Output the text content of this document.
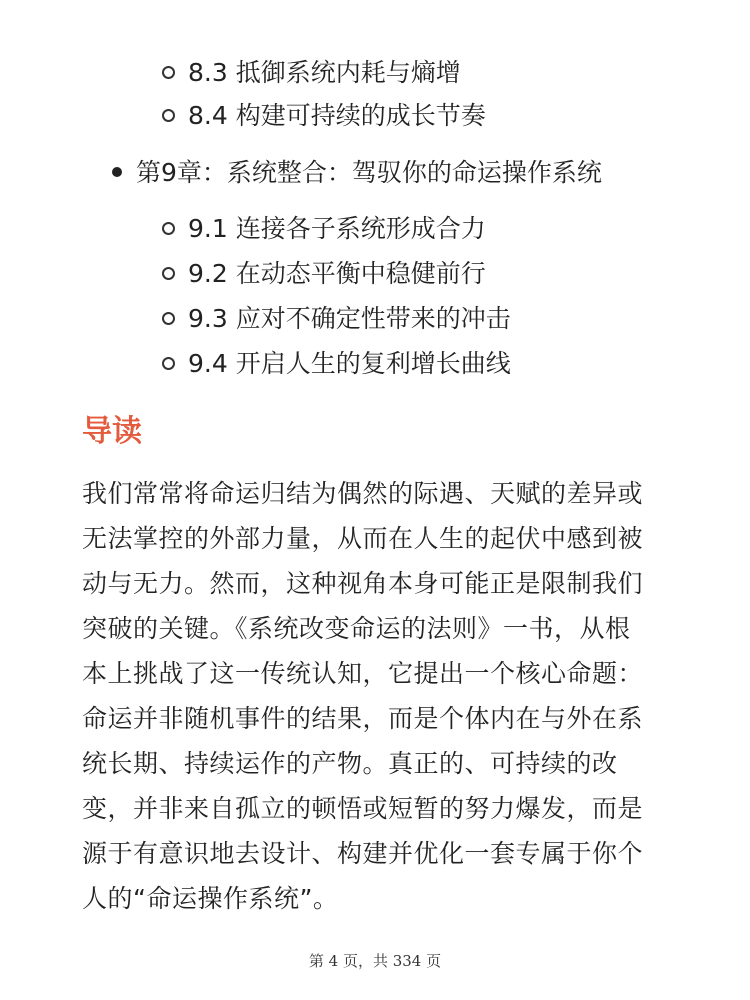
8.3 抵御系统内耗与熵增
8.4 构建可持续的成长节奏
第9章：系统整合：驾驭你的命运操作系统
9.1 连接各子系统形成合力
9.2 在动态平衡中稳健前行
9.3 应对不确定性带来的冲击
9.4 开启人生的复利增长曲线
导读
我们常常将命运归结为偶然的际遇、天赋的差异或
无法掌控的外部力量，从而在人生的起伏中感到被
动与无力。然而，这种视角本身可能正是限制我们
突破的关键。《系统改变命运的法则》一书，从根
本上挑战了这一传统认知，它提出一个核心命题：
命运并非随机事件的结果，而是个体内在与外在系
统长期、持续运作的产物。真正的、可持续的改
变，并非来自孤立的顿悟或短暂的努力爆发，而是
源于有意识地去设计、构建并优化一套专属于你个
人的“命运操作系统”。
第 4 页，共 334 页
